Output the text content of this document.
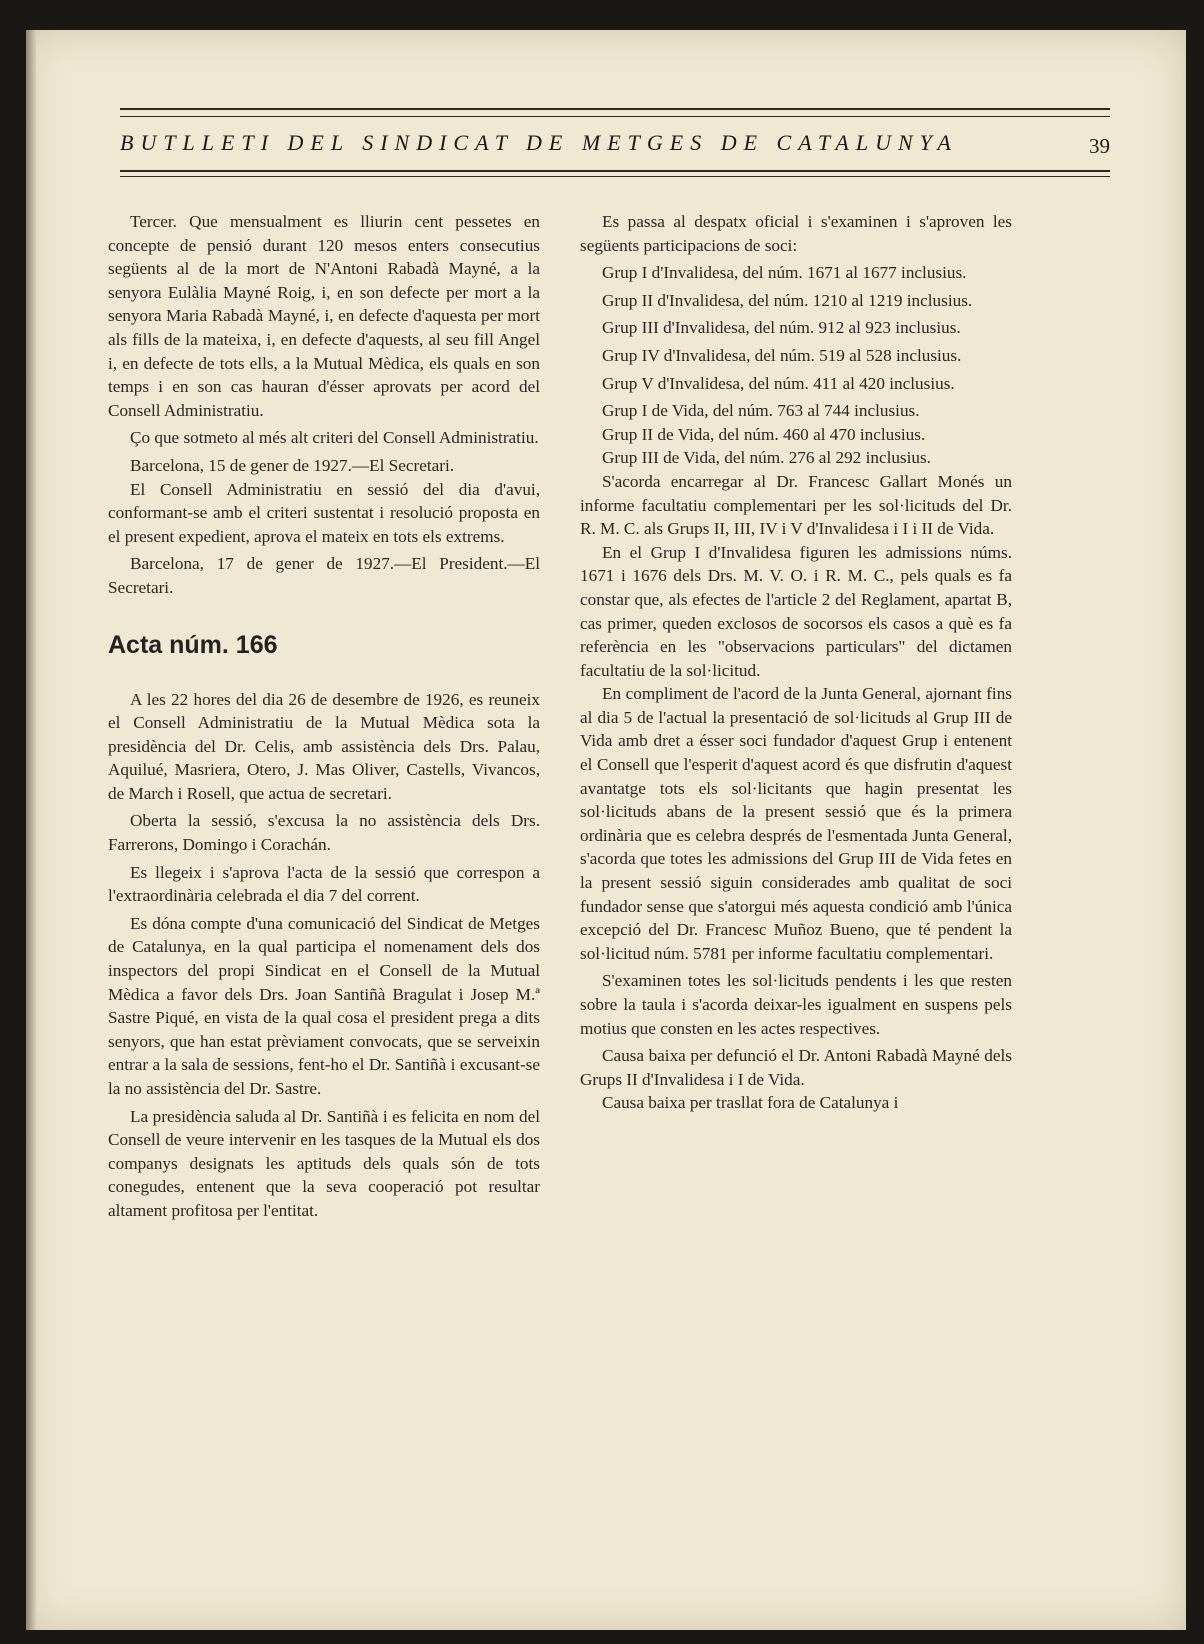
BUTLLETI DEL SINDICAT DE METGES DE CATALUNYA	39

Tercer. Que mensualment es lliurin cent pessetes en concepte de pensió durant 120 mesos enters consecutius següents al de la mort de N'Antoni Rabadà Mayné, a la senyora Eulàlia Mayné Roig, i, en son defecte per mort a la senyora Maria Rabadà Mayné, i, en defecte d'aquesta per mort als fills de la mateixa, i, en defecte d'aquests, al seu fill Angel i, en defecte de tots ells, a la Mutual Mèdica, els quals en son temps i en son cas hauran d'ésser aprovats per acord del Consell Administratiu.

Ço que sotmeto al més alt criteri del Consell Administratiu.

Barcelona, 15 de gener de 1927.—El Secretari.

El Consell Administratiu en sessió del dia d'avui, conformant-se amb el criteri sustentat i resolució proposta en el present expedient, aprova el mateix en tots els extrems.

Barcelona, 17 de gener de 1927.—El President.—El Secretari.

Acta núm. 166

A les 22 hores del dia 26 de desembre de 1926, es reuneix el Consell Administratiu de la Mutual Mèdica sota la presidència del Dr. Celis, amb assistència dels Drs. Palau, Aquilué, Masriera, Otero, J. Mas Oliver, Castells, Vivancos, de March i Rosell, que actua de secretari.

Oberta la sessió, s'excusa la no assistència dels Drs. Farrerons, Domingo i Corachán.

Es llegeix i s'aprova l'acta de la sessió que correspon a l'extraordinària celebrada el dia 7 del corrent.

Es dóna compte d'una comunicació del Sindicat de Metges de Catalunya, en la qual participa el nomenament dels dos inspectors del propi Sindicat en el Consell de la Mutual Mèdica a favor dels Drs. Joan Santiñà Bragulat i Josep M.ª Sastre Piqué, en vista de la qual cosa el president prega a dits senyors, que han estat prèviament convocats, que se serveixin entrar a la sala de sessions, fent-ho el Dr. Santiñà i excusant-se la no assistència del Dr. Sastre.

La presidència saluda al Dr. Santiñà i es felicita en nom del Consell de veure intervenir en les tasques de la Mutual els dos companys designats les aptituds dels quals són de tots conegudes, entenent que la seva cooperació pot resultar altament profitosa per l'entitat.

Es passa al despatx oficial i s'examinen i s'aproven les següents participacions de soci:

Grup I d'Invalidesa, del núm. 1671 al 1677 inclusius.

Grup II d'Invalidesa, del núm. 1210 al 1219 inclusius.

Grup III d'Invalidesa, del núm. 912 al 923 inclusius.

Grup IV d'Invalidesa, del núm. 519 al 528 inclusius.

Grup V d'Invalidesa, del núm. 411 al 420 inclusius.

Grup I de Vida, del núm. 763 al 744 inclusius.

Grup II de Vida, del núm. 460 al 470 inclusius.

Grup III de Vida, del núm. 276 al 292 inclusius.

S'acorda encarregar al Dr. Francesc Gallart Monés un informe facultatiu complementari per les sol·licituds del Dr. R. M. C. als Grups II, III, IV i V d'Invalidesa i I i II de Vida.

En el Grup I d'Invalidesa figuren les admissions núms. 1671 i 1676 dels Drs. M. V. O. i R. M. C., pels quals es fa constar que, als efectes de l'article 2 del Reglament, apartat B, cas primer, queden exclosos de socorsos els casos a què es fa referència en les "observacions particulars" del dictamen facultatiu de la sol·licitud.

En compliment de l'acord de la Junta General, ajornant fins al dia 5 de l'actual la presentació de sol·licituds al Grup III de Vida amb dret a ésser soci fundador d'aquest Grup i entenent el Consell que l'esperit d'aquest acord és que disfrutin d'aquest avantatge tots els sol·licitants que hagin presentat les sol·licituds abans de la present sessió que és la primera ordinària que es celebra després de l'esmentada Junta General, s'acorda que totes les admissions del Grup III de Vida fetes en la present sessió siguin considerades amb qualitat de soci fundador sense que s'atorgui més aquesta condició amb l'única excepció del Dr. Francesc Muñoz Bueno, que té pendent la sol·licitud núm. 5781 per informe facultatiu complementari.

S'examinen totes les sol·licituds pendents i les que resten sobre la taula i s'acorda deixar-les igualment en suspens pels motius que consten en les actes respectives.

Causa baixa per defunció el Dr. Antoni Rabadà Mayné dels Grups II d'Invalidesa i I de Vida.

Causa baixa per trasllat fora de Catalunya i
